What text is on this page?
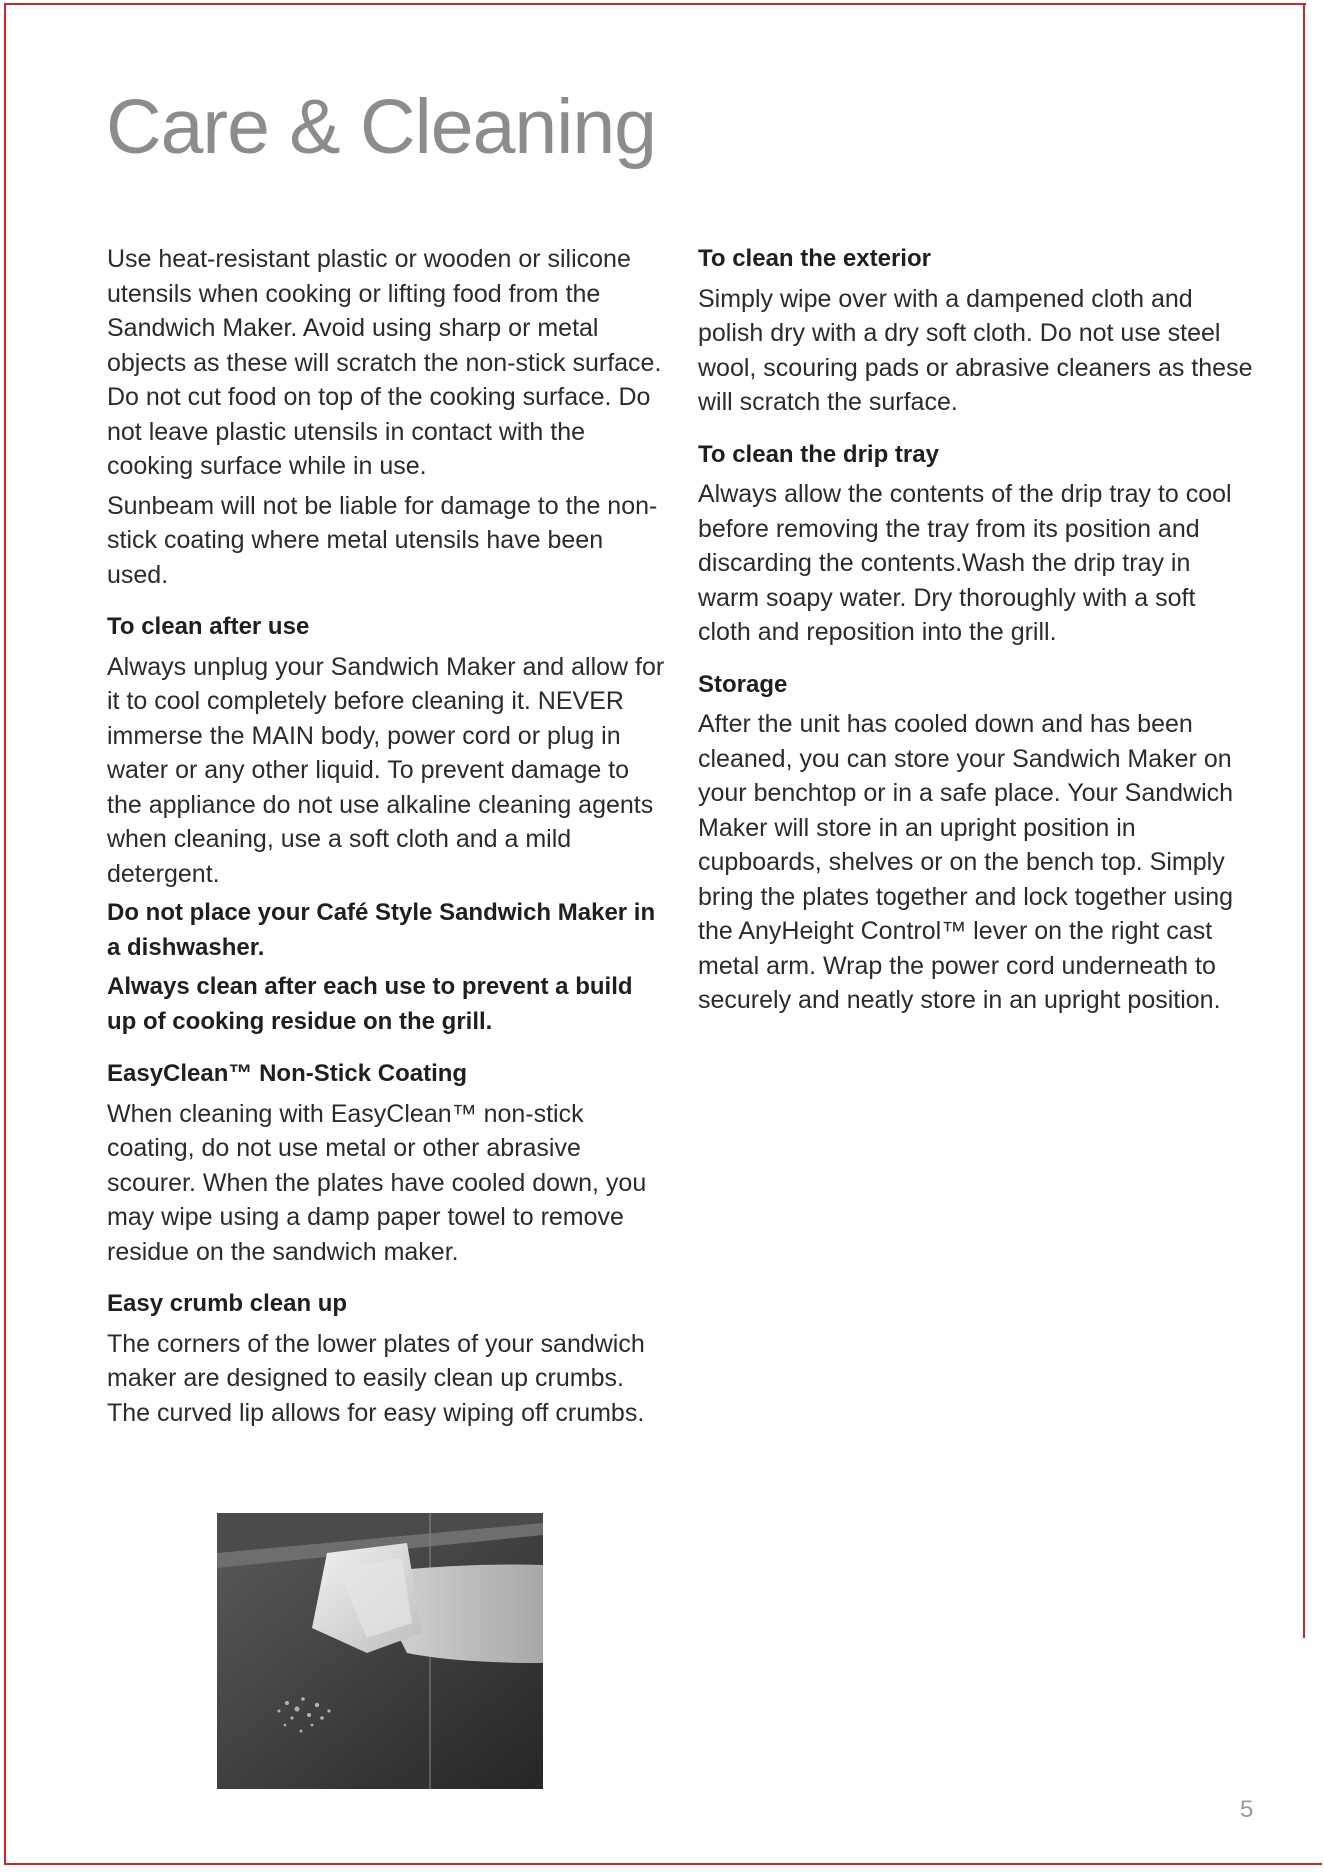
Care & Cleaning

Use heat-resistant plastic or wooden or silicone utensils when cooking or lifting food from the Sandwich Maker. Avoid using sharp or metal objects as these will scratch the non-stick surface. Do not cut food on top of the cooking surface. Do not leave plastic utensils in contact with the cooking surface while in use.

Sunbeam will not be liable for damage to the non-stick coating where metal utensils have been used.

To clean after use

Always unplug your Sandwich Maker and allow for it to cool completely before cleaning it. NEVER immerse the MAIN body, power cord or plug in water or any other liquid. To prevent damage to the appliance do not use alkaline cleaning agents when cleaning, use a soft cloth and a mild detergent.

Do not place your Café Style Sandwich Maker in a dishwasher.

Always clean after each use to prevent a build up of cooking residue on the grill.

EasyClean™ Non-Stick Coating

When cleaning with EasyClean™ non-stick coating, do not use metal or other abrasive scourer. When the plates have cooled down, you may wipe using a damp paper towel to remove residue on the sandwich maker.

Easy crumb clean up

The corners of the lower plates of your sandwich maker are designed to easily clean up crumbs. The curved lip allows for easy wiping off crumbs.

To clean the exterior

Simply wipe over with a dampened cloth and polish dry with a dry soft cloth. Do not use steel wool, scouring pads or abrasive cleaners as these will scratch the surface.

To clean the drip tray

Always allow the contents of the drip tray to cool before removing the tray from its position and discarding the contents.Wash the drip tray in warm soapy water. Dry thoroughly with a soft cloth and reposition into the grill.

Storage

After the unit has cooled down and has been cleaned, you can store your Sandwich Maker on your benchtop or in a safe place. Your Sandwich Maker will store in an upright position in cupboards, shelves or on the bench top. Simply bring the plates together and lock together using the AnyHeight Control™ lever on the right cast metal arm. Wrap the power cord underneath to securely and neatly store in an upright position.

5
